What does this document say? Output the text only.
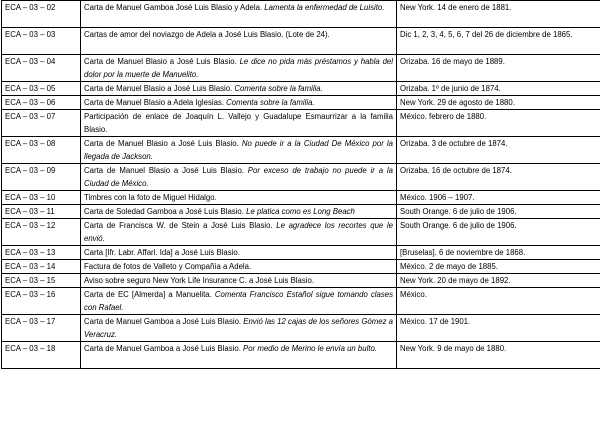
ECA – 03 – 02	Carta de Manuel Gamboa José Luis Blasio y Adela. Lamenta la enfermedad de Luisito.	New York. 14 de enero de 1881.
ECA – 03 – 03	Cartas de amor del noviazgo de Adela a José Luis Blasio. (Lote de 24).	Dic 1, 2, 3, 4, 5, 6, 7 del 26 de diciembre de 1865.
ECA – 03 – 04	Carta de Manuel Blasio a José Luis Blasio. Le dice no pida más préstamos y habla del dolor por la muerte de Manuelito.	Orizaba. 16 de mayo de 1889.
ECA – 03 – 05	Carta de Manuel Blasio a José Luis Blasio. Comenta sobre la familia.	Orizaba. 1º de junio de 1874.
ECA – 03 – 06	Carta de Manuel Blasio a Adela Iglesias. Comenta sobre la familia.	New York. 29 de agosto de 1880.
ECA – 03 – 07	Participación de enlace de Joaquín L. Vallejo y Guadalupe Esmaurrizar a la familia Blasio.	México. febrero de 1880.
ECA – 03 – 08	Carta de Manuel Blasio a José Luis Blasio. No puede ir a la Ciudad De México por la llegada de Jackson.	Orizaba. 3 de octubre de 1874.
ECA – 03 – 09	Carta de Manuel Blasio a José Luis Blasio. Por exceso de trabajo no puede ir a la Ciudad de México.	Orizaba. 16 de octubre de 1874.
ECA – 03 – 10	Timbres con la foto de Miguel Hidalgo.	México. 1906 – 1907.
ECA – 03 – 11	Carta de Soledad Gamboa a José Luis Blasio. Le platica como es Long Beach	South Orange. 6 de julio de 1906.
ECA – 03 – 12	Carta de Francisca W. de Stein a José Luis Blasio. Le agradece los recortes que le envió.	South Orange. 6 de julio de 1906.
ECA – 03 – 13	Carta [Ifr. Labr. Affarl. Ida] a José Luis Blasio.	[Bruselas]. 6 de noviembre de 1868.
ECA – 03 – 14	Factura de fotos de Valleto y Compañía a Adela.	México. 2 de mayo de 1885.
ECA – 03 – 15	Aviso sobre seguro New York Life Insurance C. a José Luis Blasio.	New York. 20 de mayo de 1892.
ECA – 03 – 16	Carta de EC [Almerda] a Manuelita. Comenta Francisco Estañol sigue tomando clases con Rafael.	México.
ECA – 03 – 17	Carta de Manuel Gamboa a José Luis Blasio. Envió las 12 cajas de los señores Gómez a Veracruz.	México. 17 de 1901.
ECA – 03 – 18	Carta de Manuel Gamboa a José Luis Blasio. Por medio de Merino le envía un bulto.	New York. 9 de mayo de 1880.
